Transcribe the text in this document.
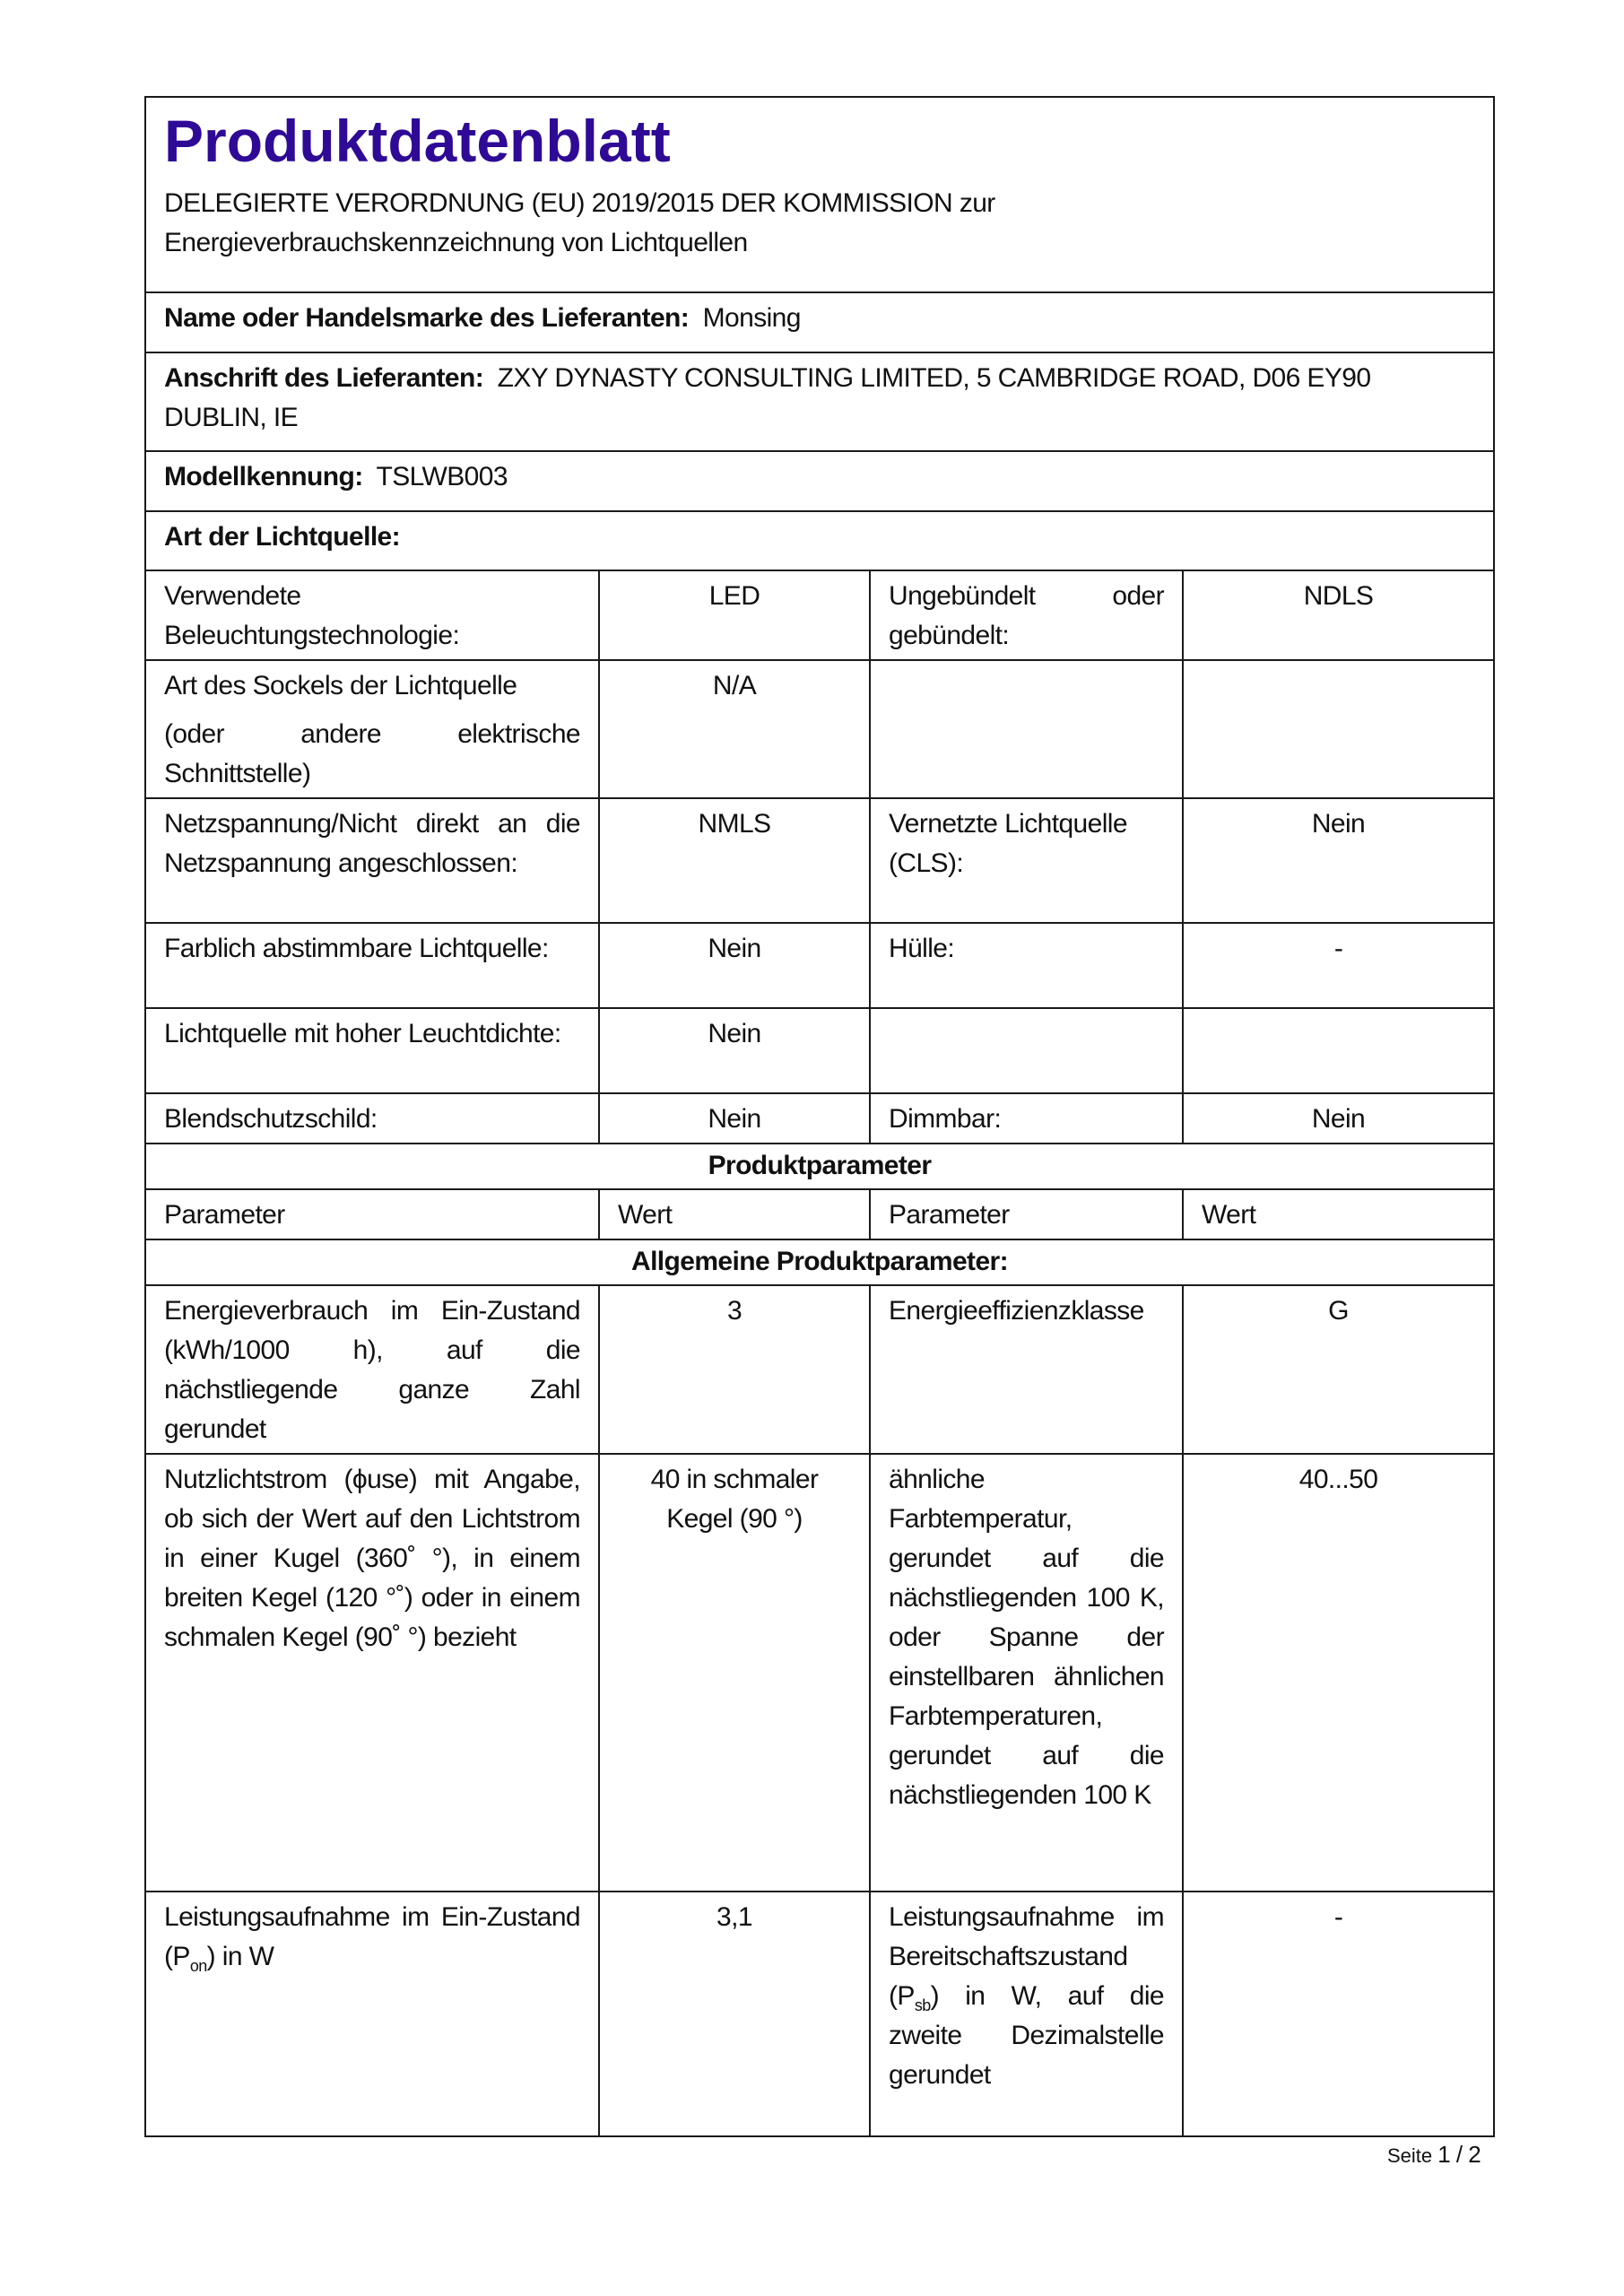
Produktdatenblatt
DELEGIERTE VERORDNUNG (EU) 2019/2015 DER KOMMISSION zur
Energieverbrauchskennzeichnung von Lichtquellen			

Name oder Handelsmarke des Lieferanten: Monsing			
Anschrift des Lieferanten: ZXY DYNASTY CONSULTING LIMITED, 5 CAMBRIDGE ROAD, D06 EY90 DUBLIN, IE			
Modellkennung: TSLWB003			
Art der Lichtquelle:			
Verwendete Beleuchtungstechnologie:	LED	Ungebündelt oder gebündelt:	NDLS

Art des Sockels der Lichtquelle
(oder andere elektrische Schnittstelle)	N/A		
Netzspannung/Nicht direkt an die Netzspannung angeschlossen:	NMLS	Vernetzte Lichtquelle (CLS):	Nein
Farblich abstimmbare Lichtquelle:	Nein	Hülle:	-
Lichtquelle mit hoher Leuchtdichte:	Nein		
Blendschutzschild:	Nein	Dimmbar:	Nein
Produktparameter			
Parameter	Wert	Parameter	Wert
Allgemeine Produktparameter:			
Energieverbrauch im Ein-Zustand (kWh/1000 h), auf die nächstliegende ganze Zahl gerundet	3	Energieeffizienzklasse	G
Nutzlichtstrom (ϕuse) mit Angabe, ob sich der Wert auf den Lichtstrom in einer Kugel (360˚ °), in einem breiten Kegel (120 °˚) oder in einem schmalen Kegel (90˚ °) bezieht	40 in schmaler Kegel (90 °)	ähnliche Farbtemperatur, gerundet auf die nächstliegenden 100 K, oder Spanne der einstellbaren ähnlichen Farbtemperaturen, gerundet auf die nächstliegenden 100 K	40...50
Leistungsaufnahme im Ein-Zustand $(P_{on})$ in W	3,1	Leistungsaufnahme im Bereitschaftszustand $(P_{sb})$ in W, auf die zweite Dezimalstelle gerundet	-
Seite 1 / 2
